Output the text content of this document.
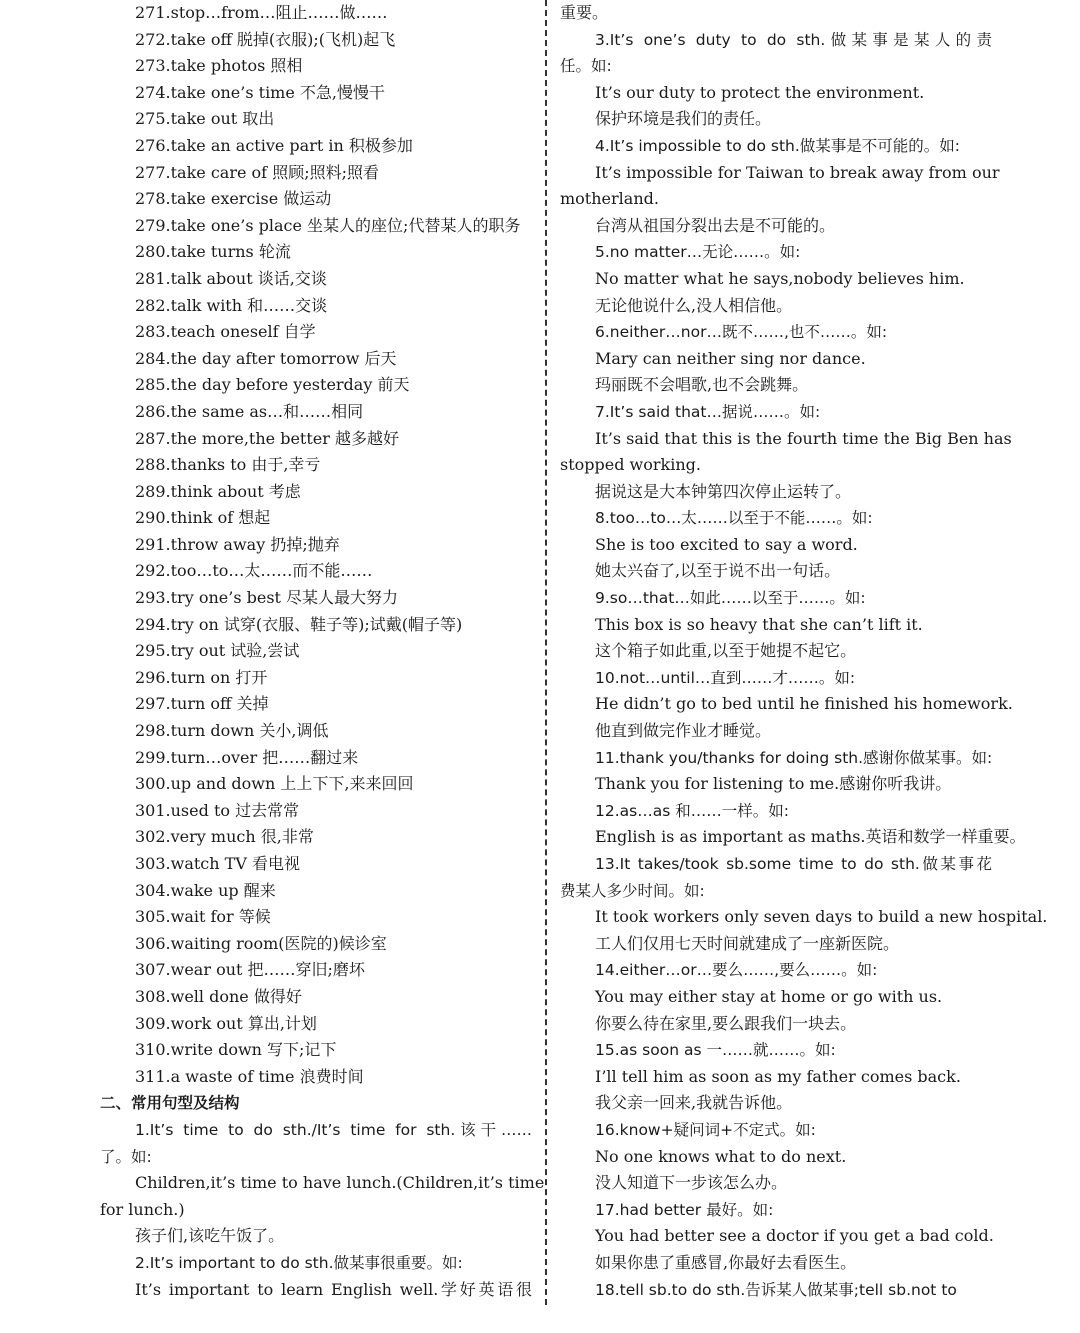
271.stop…from…阻止……做……
272.take off 脱掉(衣服);(飞机)起飞
273.take photos 照相
274.take one’s time 不急,慢慢干
275.take out 取出
276.take an active part in 积极参加
277.take care of 照顾;照料;照看
278.take exercise 做运动
279.take one’s place 坐某人的座位;代替某人的职务
280.take turns 轮流
281.talk about 谈话,交谈
282.talk with 和……交谈
283.teach oneself 自学
284.the day after tomorrow 后天
285.the day before yesterday 前天
286.the same as…和……相同
287.the more,the better 越多越好
288.thanks to 由于,幸亏
289.think about 考虑
290.think of 想起
291.throw away 扔掉;抛弃
292.too…to…太……而不能……
293.try one’s best 尽某人最大努力
294.try on 试穿(衣服、鞋子等);试戴(帽子等)
295.try out 试验,尝试
296.turn on 打开
297.turn off 关掉
298.turn down 关小,调低
299.turn…over 把……翻过来
300.up and down 上上下下,来来回回
301.used to 过去常常
302.very much 很,非常
303.watch TV 看电视
304.wake up 醒来
305.wait for 等候
306.waiting room(医院的)候诊室
307.wear out 把……穿旧;磨坏
308.well done 做得好
309.work out 算出,计划
310.write down 写下;记下
311.a waste of time 浪费时间
二、常用句型及结构
1.It’s time to do sth./It’s time for sth.该干……
了。如:
Children,it’s time to have lunch.(Children,it’s time
for lunch.)
孩子们,该吃午饭了。
2.It’s important to do sth.做某事很重要。如:
It’s important to learn English well.学好英语很
重要。
3.It’s one’s duty to do sth.做某事是某人的责
任。如:
It’s our duty to protect the environment.
保护环境是我们的责任。
4.It’s impossible to do sth.做某事是不可能的。如:
It’s impossible for Taiwan to break away from our
motherland.
台湾从祖国分裂出去是不可能的。
5.no matter…无论……。如:
No matter what he says,nobody believes him.
无论他说什么,没人相信他。
6.neither…nor…既不……,也不……。如:
Mary can neither sing nor dance.
玛丽既不会唱歌,也不会跳舞。
7.It’s said that…据说……。如:
It’s said that this is the fourth time the Big Ben has
stopped working.
据说这是大本钟第四次停止运转了。
8.too…to…太……以至于不能……。如:
She is too excited to say a word.
她太兴奋了,以至于说不出一句话。
9.so…that…如此……以至于……。如:
This box is so heavy that she can’t lift it.
这个箱子如此重,以至于她提不起它。
10.not…until…直到……才……。如:
He didn’t go to bed until he finished his homework.
他直到做完作业才睡觉。
11.thank you/thanks for doing sth.感谢你做某事。如:
Thank you for listening to me.感谢你听我讲。
12.as…as 和……一样。如:
English is as important as maths.英语和数学一样重要。
13.It takes/took sb.some time to do sth.做某事花
费某人多少时间。如:
It took workers only seven days to build a new hospital.
工人们仅用七天时间就建成了一座新医院。
14.either…or…要么……,要么……。如:
You may either stay at home or go with us.
你要么待在家里,要么跟我们一块去。
15.as soon as 一……就……。如:
I’ll tell him as soon as my father comes back.
我父亲一回来,我就告诉他。
16.know+疑问词+不定式。如:
No one knows what to do next.
没人知道下一步该怎么办。
17.had better 最好。如:
You had better see a doctor if you get a bad cold.
如果你患了重感冒,你最好去看医生。
18.tell sb.to do sth.告诉某人做某事;tell sb.not to
